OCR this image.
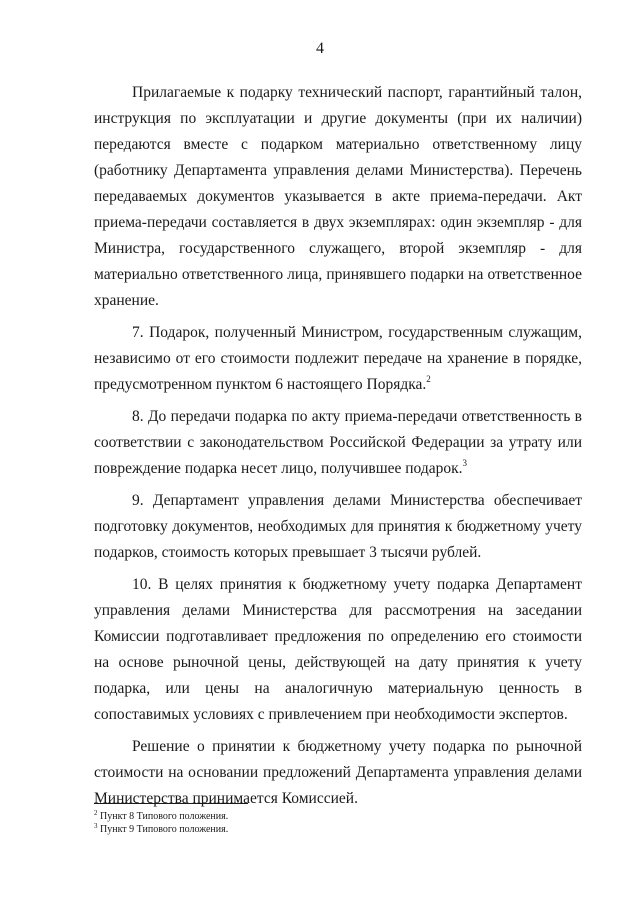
4

Прилагаемые к подарку технический паспорт, гарантийный талон, инструкция по эксплуатации и другие документы (при их наличии) передаются вместе с подарком материально ответственному лицу (работнику Департамента управления делами Министерства). Перечень передаваемых документов указывается в акте приема-передачи. Акт приема-передачи составляется в двух экземплярах: один экземпляр - для Министра, государственного служащего, второй экземпляр - для материально ответственного лица, принявшего подарки на ответственное хранение.

7. Подарок, полученный Министром, государственным служащим, независимо от его стоимости подлежит передаче на хранение в порядке, предусмотренном пунктом 6 настоящего Порядка.$^2$

8. До передачи подарка по акту приема-передачи ответственность в соответствии с законодательством Российской Федерации за утрату или повреждение подарка несет лицо, получившее подарок.$^3$

9. Департамент управления делами Министерства обеспечивает подготовку документов, необходимых для принятия к бюджетному учету подарков, стоимость которых превышает 3 тысячи рублей.

10. В целях принятия к бюджетному учету подарка Департамент управления делами Министерства для рассмотрения на заседании Комиссии подготавливает предложения по определению его стоимости на основе рыночной цены, действующей на дату принятия к учету подарка, или цены на аналогичную материальную ценность в сопоставимых условиях с привлечением при необходимости экспертов.

Решение о принятии к бюджетному учету подарка по рыночной стоимости на основании предложений Департамента управления делами Министерства принимается Комиссией.

$^2$ Пункт 8 Типового положения.
$^3$ Пункт 9 Типового положения.
